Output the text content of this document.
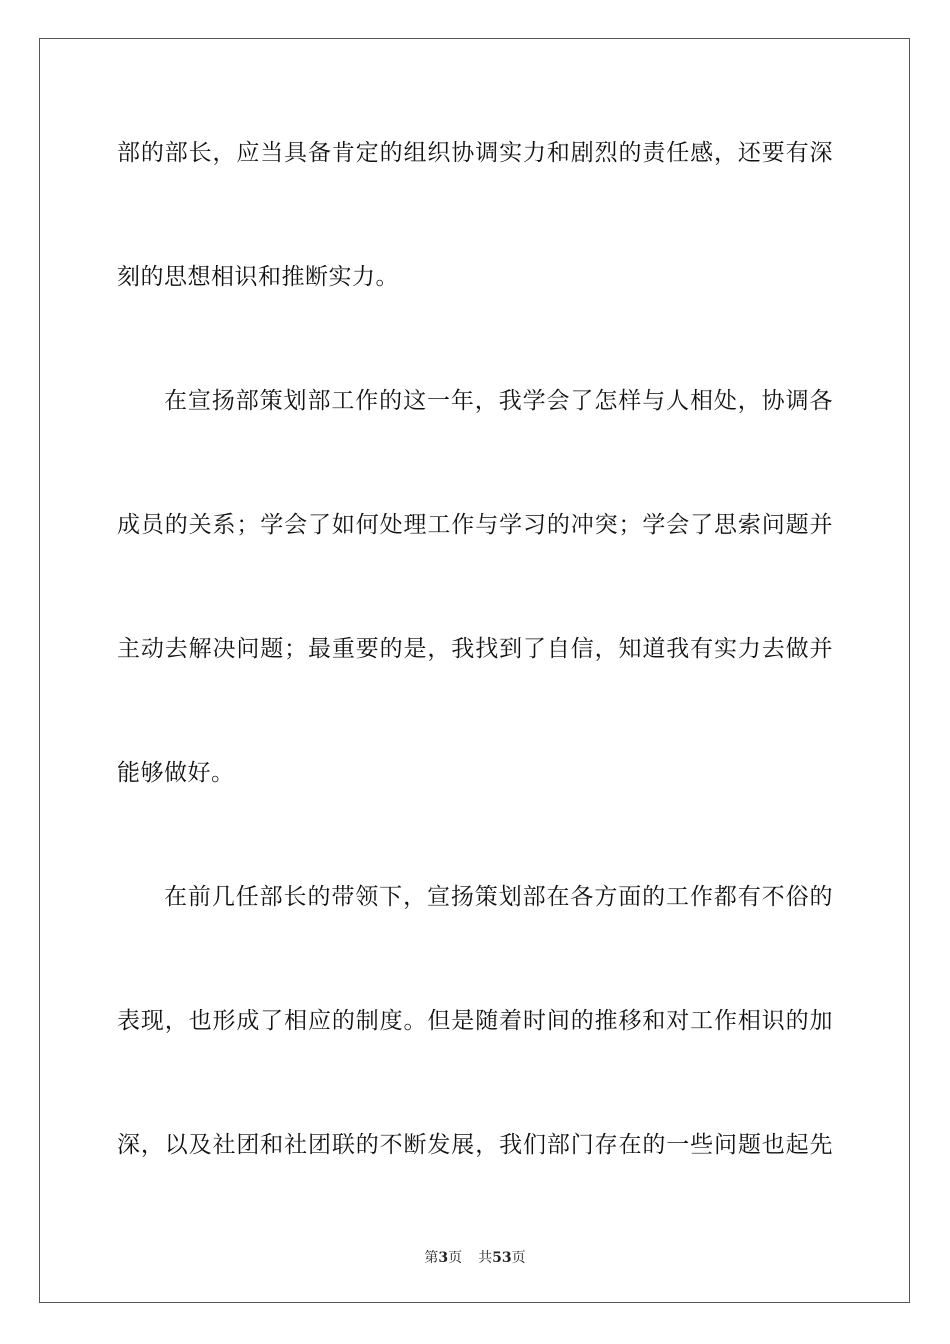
部的部长，应当具备肯定的组织协调实力和剧烈的责任感，还要有深
刻的思想相识和推断实力。
在宣扬部策划部工作的这一年，我学会了怎样与人相处，协调各
成员的关系；学会了如何处理工作与学习的冲突；学会了思索问题并
主动去解决问题；最重要的是，我找到了自信，知道我有实力去做并
能够做好。
在前几任部长的带领下，宣扬策划部在各方面的工作都有不俗的
表现，也形成了相应的制度。但是随着时间的推移和对工作相识的加
深，以及社团和社团联的不断发展，我们部门存在的一些问题也起先
第3页 共53页
